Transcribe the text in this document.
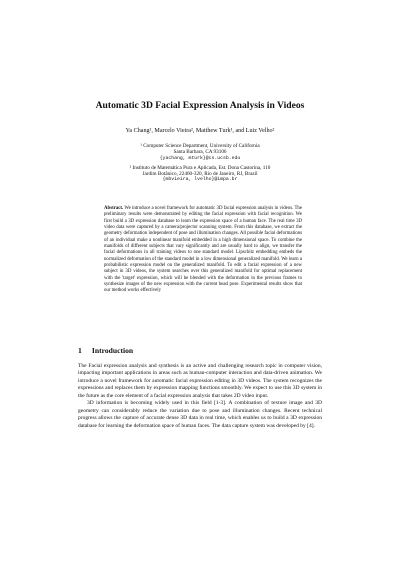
Automatic 3D Facial Expression Analysis in Videos
Ya Chang¹, Marcelo Vieira², Matthew Turk¹, and Luiz Velho²
¹ Computer Science Department, University of California
Santa Barbara, CA 93106
{yachang, mturk}@cs.ucsb.edu
² Instituto de Matemática Pura e Aplicada, Est. Dona Castorina, 110
Jardim Botânico, 22460-320, Rio de Janeiro, RJ, Brazil
{mbvieira, lvelho}@impa.br
Abstract. We introduce a novel framework for automatic 3D facial expression analysis in videos. The preliminary results were demonstrated by editing the facial expression with facial recognition. We first build a 3D expression database to learn the expression space of a human face. The real time 3D video data were captured by a camera/projector scanning system. From this database, we extract the geometry deformation independent of pose and illumination changes. All possible facial deformations of an individual make a nonlinear manifold embedded in a high dimensional space. To combine the manifolds of different subjects that vary significantly and are usually hard to align, we transfer the facial deformations in all training videos to one standard model. Lipschitz embedding embeds the normalized deformation of the standard model in a low dimensional generalized manifold. We learn a probabilistic expression model on the generalized manifold. To edit a facial expression of a new subject in 3D videos, the system searches over this generalized manifold for optimal replacement with the 'target' expression, which will be blended with the deformation in the previous frames to synthesize images of the new expression with the current head pose. Experimental results show that our method works effectively
1 Introduction

The Facial expression analysis and synthesis is an active and challenging research topic in computer vision, impacting important applications in areas such as human-computer interaction and data-driven animation. We introduce a novel framework for automatic facial expression editing in 3D videos. The system recognizes the expressions and replaces them by expression mapping functions smoothly. We expect to use this 3D system in the future as the core element of a facial expression analysis that takes 2D video input.

3D information is becoming widely used in this field [1-3]. A combination of texture image and 3D geometry can considerably reduce the variation due to pose and illumination changes. Recent technical progress allows the capture of accurate dense 3D data in real time, which enables us to build a 3D expression database for learning the deformation space of human faces. The data capture system was developed by [4].
